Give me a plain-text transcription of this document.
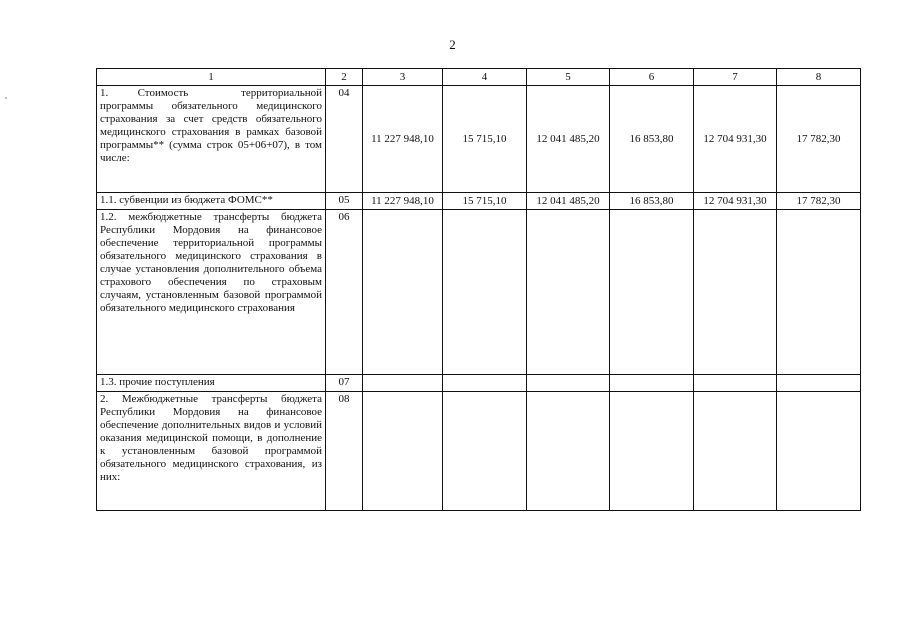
2
1	2	3	4	5	6	7	8
1.     Стоимость         территориальной программы обязательного медицинского страхования за счет средств обязательного медицинского страхования в рамках базовой программы** (сумма строк 05+06+07), в том числе:	04	11 227 948,10	15 715,10	12 041 485,20	16 853,80	12 704 931,30	17 782,30
1.1. субвенции из бюджета ФОМС**	05	11 227 948,10	15 715,10	12 041 485,20	16 853,80	12 704 931,30	17 782,30
1.2. межбюджетные трансферты бюджета Республики Мордовия на финансовое обеспечение территориальной программы обязательного медицинского страхования в случае установления дополнительного объема страхового обеспечения по страховым случаям, установленным базовой программой обязательного медицинского страхования	06						
1.3. прочие поступления	07						
2. Межбюджетные трансферты бюджета Республики Мордовия на финансовое обеспечение дополнительных видов и условий оказания медицинской помощи, в дополнение к установленным базовой программой обязательного медицинского страхования, из них:	08						
